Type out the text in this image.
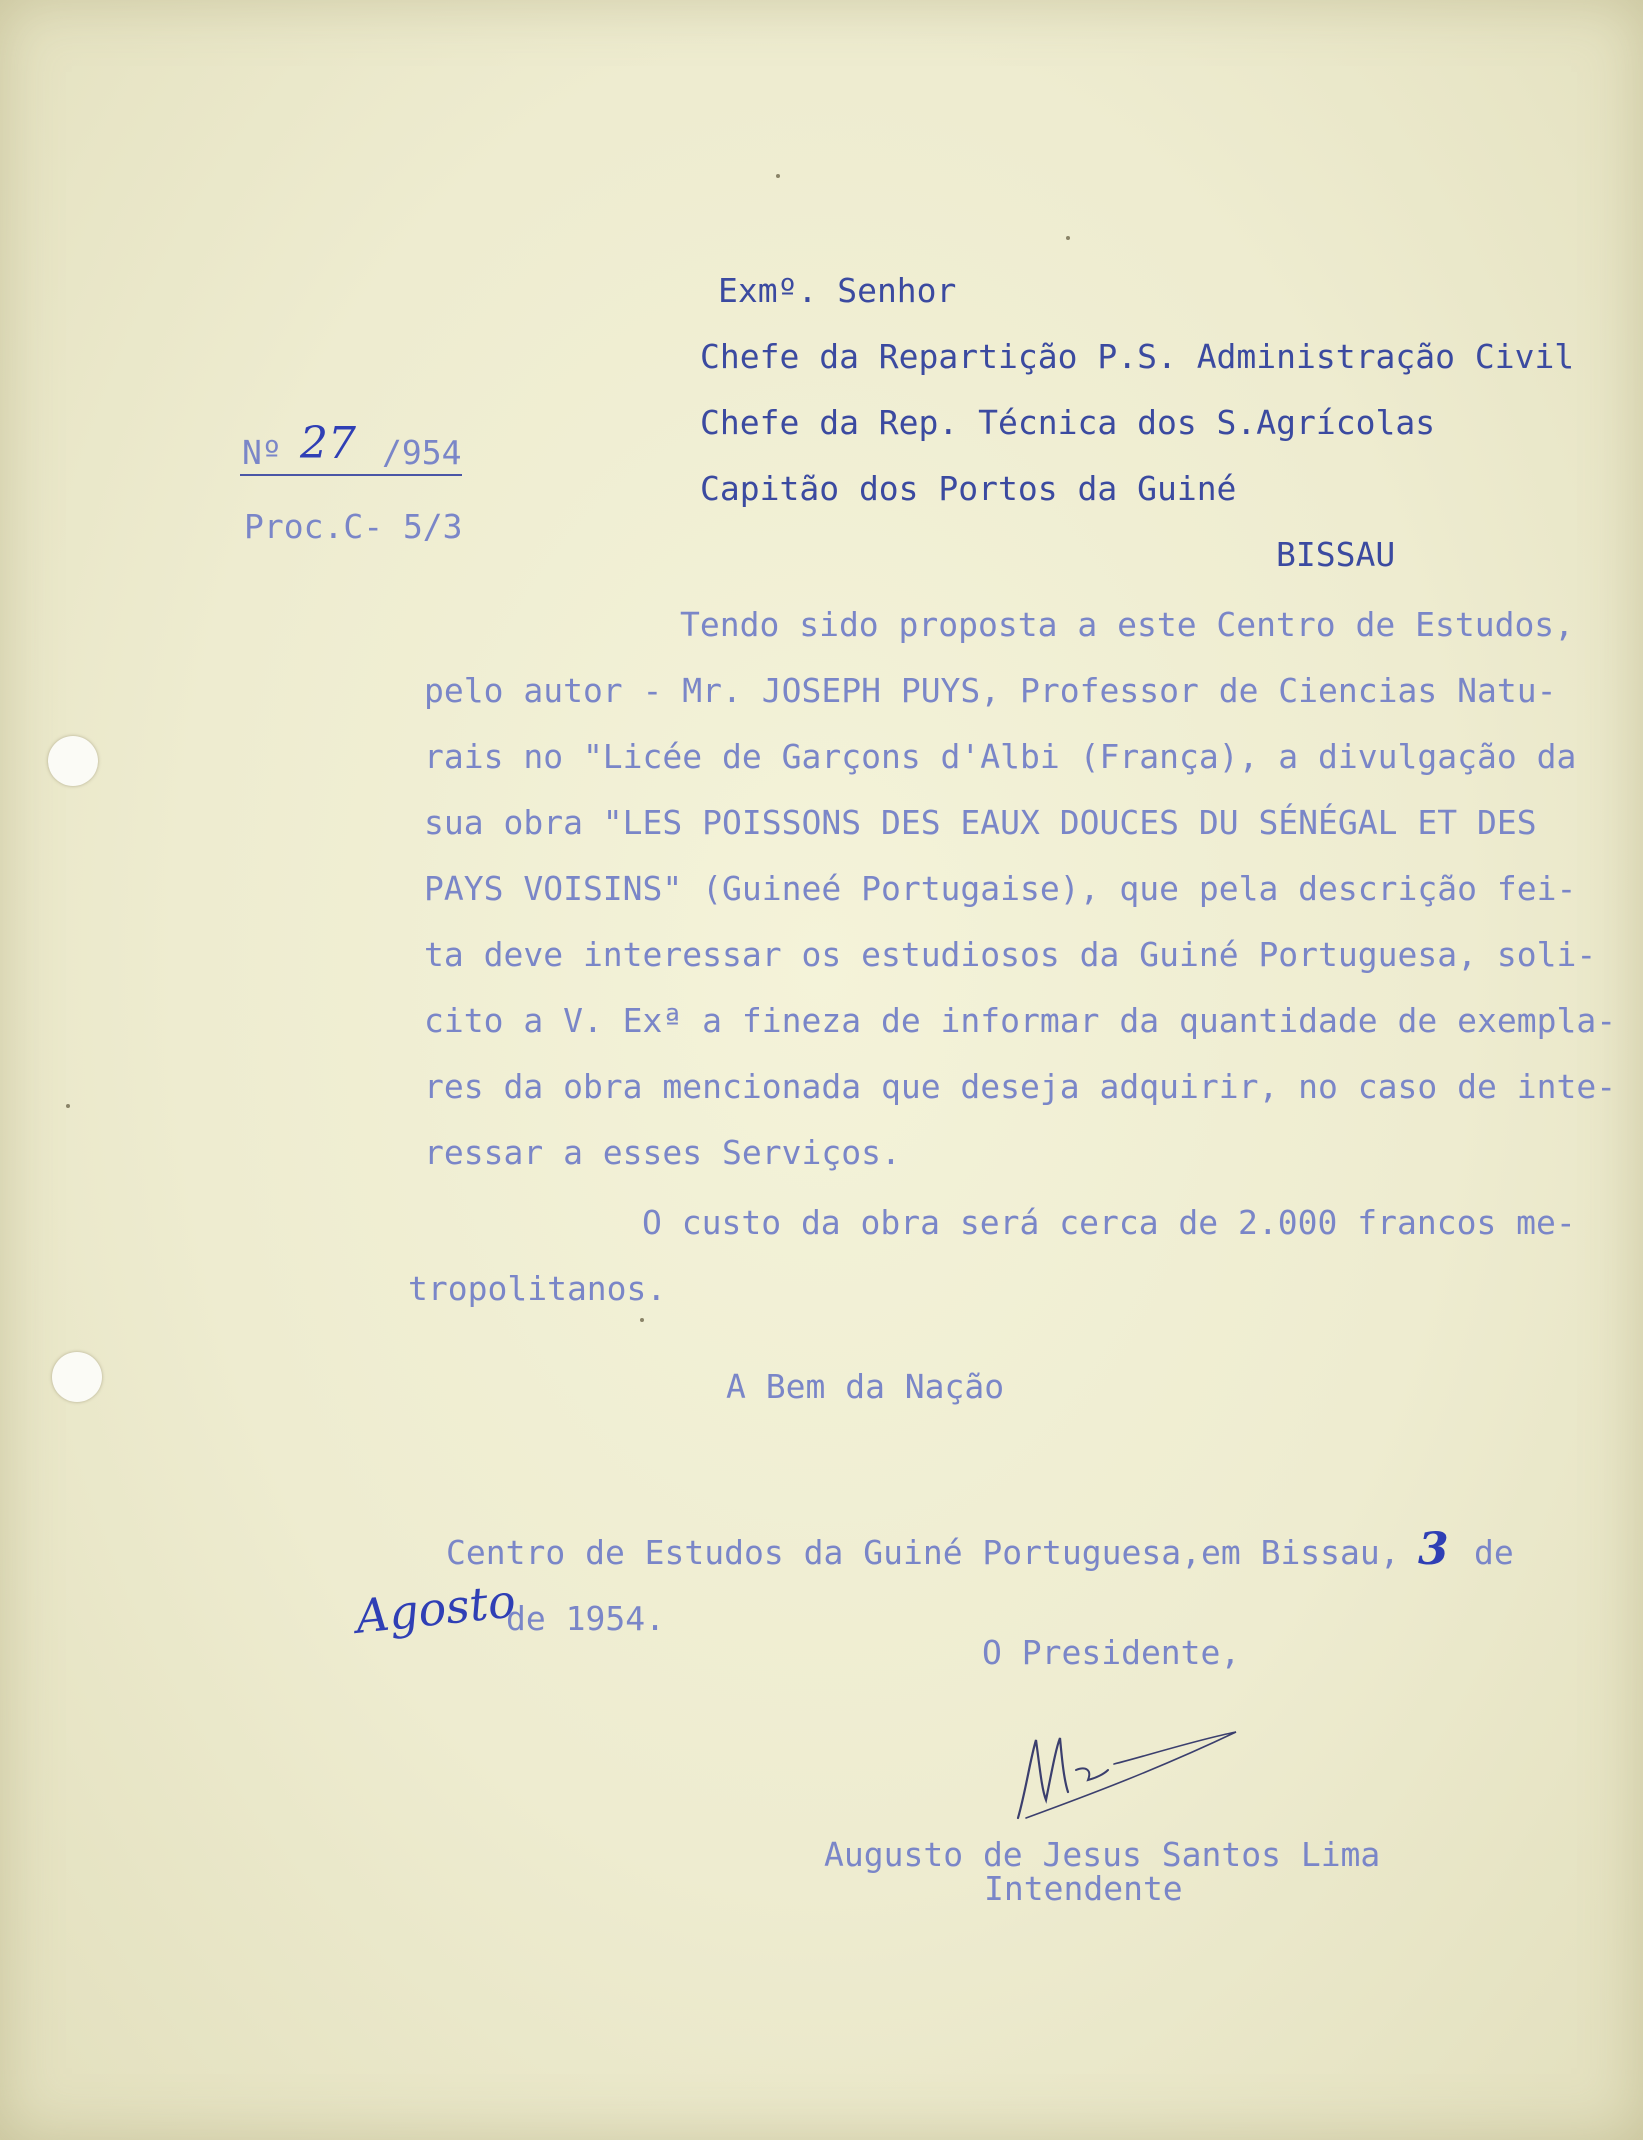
Exmº. Senhor
Chefe da Repartição P.S. Administração Civil
Chefe da Rep. Técnica dos S.Agrícolas
Capitão dos Portos da Guiné
BISSAU
Nº 27 /954
Proc.C- 5/3
Tendo sido proposta a este Centro de Estudos,
pelo autor - Mr. JOSEPH PUYS, Professor de Ciencias Natu-
rais no "Licée de Garçons d'Albi (França), a divulgação da
sua obra "LES POISSONS DES EAUX DOUCES DU SÉNÉGAL ET DES
PAYS VOISINS" (Guineé Portugaise), que pela descrição fei-
ta deve interessar os estudiosos da Guiné Portuguesa, soli-
cito a V. Exª a fineza de informar da quantidade de exempla-
res da obra mencionada que deseja adquirir, no caso de inte-
ressar a esses Serviços.
O custo da obra será cerca de 2.000 francos me-
tropolitanos.
A Bem da Nação
Centro de Estudos da Guiné Portuguesa,em Bissau, 3 de
Agosto
de 1954.
O Presidente,
Augusto de Jesus Santos Lima
Intendente
